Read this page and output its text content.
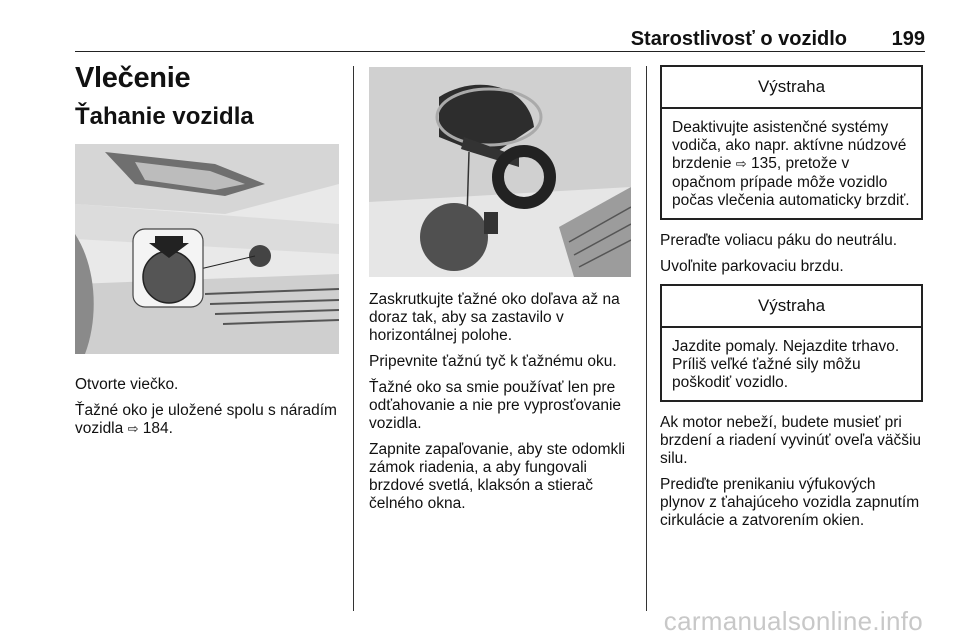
Starostlivosť o vozidlo 199
Vlečenie
Ťahanie vozidla

Otvorte viečko.

Ťažné oko je uložené spolu s náradím vozidla ⇨ 184.

Zaskrutkujte ťažné oko doľava až na doraz tak, aby sa zastavilo v horizontálnej polohe.

Pripevnite ťažnú tyč k ťažnému oku.

Ťažné oko sa smie používať len pre odťahovanie a nie pre vyprosťovanie vozidla.

Zapnite zapaľovanie, aby ste odomkli zámok riadenia, a aby fungovali brzdové svetlá, klaksón a stierač čelného okna.

Výstraha
Deaktivujte asistenčné systémy vodiča, ako napr. aktívne núdzové brzdenie ⇨ 135, pretože v opačnom prípade môže vozidlo počas vlečenia automaticky brzdiť.

Preraďte voliacu páku do neutrálu.

Uvoľnite parkovaciu brzdu.

Výstraha
Jazdite pomaly. Nejazdite trhavo. Príliš veľké ťažné sily môžu poškodiť vozidlo.

Ak motor nebeží, budete musieť pri brzdení a riadení vyvinúť oveľa väčšiu silu.

Prediďte prenikaniu výfukových plynov z ťahajúceho vozidla zapnutím cirkulácie a zatvorením okien.

carmanualsonline.info
